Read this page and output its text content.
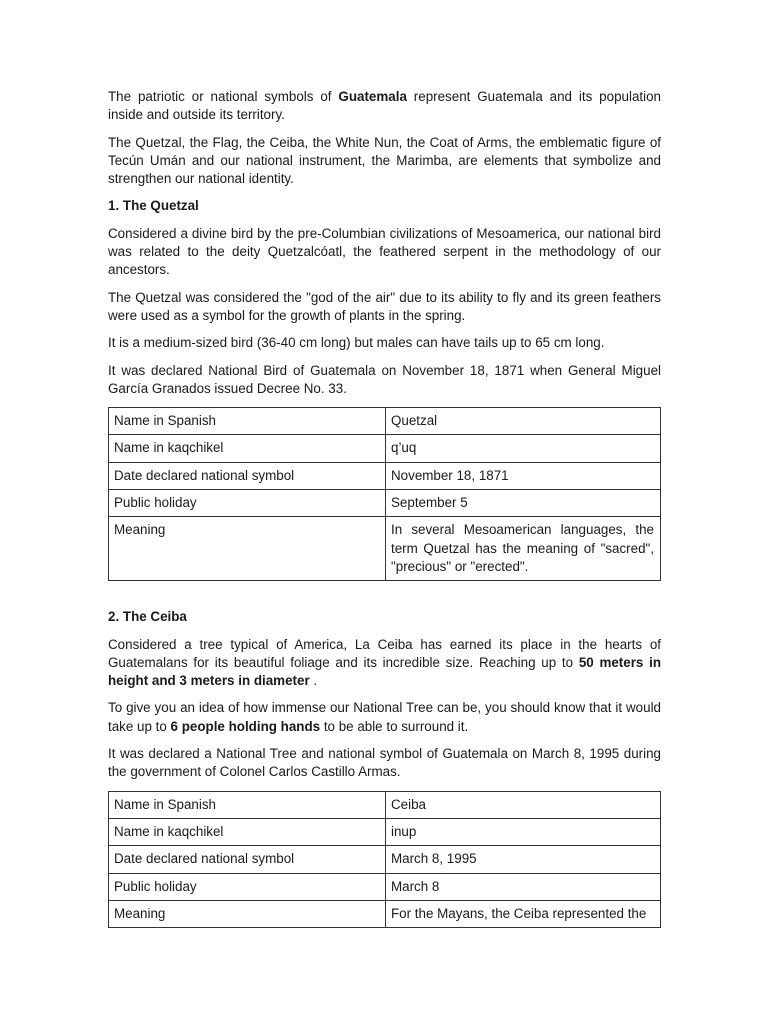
The patriotic or national symbols of Guatemala represent Guatemala and its population inside and outside its territory.

The Quetzal, the Flag, the Ceiba, the White Nun, the Coat of Arms, the emblematic figure of Tecún Umán and our national instrument, the Marimba, are elements that symbolize and strengthen our national identity.

1. The Quetzal

Considered a divine bird by the pre-Columbian civilizations of Mesoamerica, our national bird was related to the deity Quetzalcóatl, the feathered serpent in the methodology of our ancestors.

The Quetzal was considered the "god of the air" due to its ability to fly and its green feathers were used as a symbol for the growth of plants in the spring.

It is a medium-sized bird (36-40 cm long) but males can have tails up to 65 cm long.

It was declared National Bird of Guatemala on November 18, 1871 when General Miguel García Granados issued Decree No. 33.

Name in Spanish	Quetzal
Name in kaqchikel	q’uq
Date declared national symbol	November 18, 1871
Public holiday	September 5
Meaning	In several Mesoamerican languages, the term Quetzal has the meaning of "sacred", "precious" or "erected".
2. The Ceiba

Considered a tree typical of America, La Ceiba has earned its place in the hearts of Guatemalans for its beautiful foliage and its incredible size. Reaching up to 50 meters in height and 3 meters in diameter .

To give you an idea of how immense our National Tree can be, you should know that it would take up to 6 people holding hands to be able to surround it.

It was declared a National Tree and national symbol of Guatemala on March 8, 1995 during the government of Colonel Carlos Castillo Armas.

Name in Spanish	Ceiba
Name in kaqchikel	inup
Date declared national symbol	March 8, 1995
Public holiday	March 8
Meaning	For the Mayans, the Ceiba represented the
